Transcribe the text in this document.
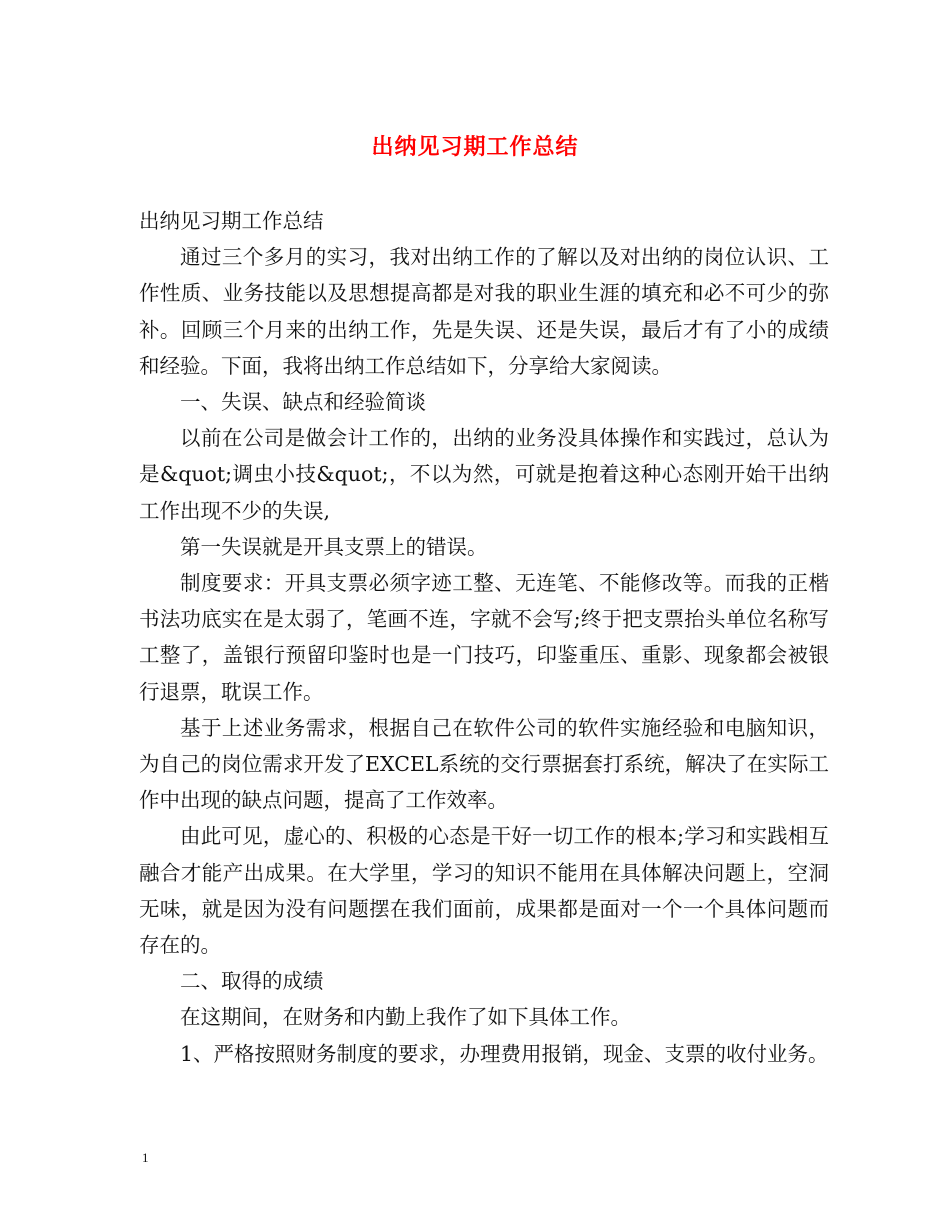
出纳见习期工作总结

出纳见习期工作总结

通过三个多月的实习，我对出纳工作的了解以及对出纳的岗位认识、工作性质、业务技能以及思想提高都是对我的职业生涯的填充和必不可少的弥补。回顾三个月来的出纳工作，先是失误、还是失误，最后才有了小的成绩和经验。下面，我将出纳工作总结如下，分享给大家阅读。

一、失误、缺点和经验简谈

以前在公司是做会计工作的，出纳的业务没具体操作和实践过，总认为是&quot;调虫小技&quot;，不以为然，可就是抱着这种心态刚开始干出纳工作出现不少的失误,

第一失误就是开具支票上的错误。

制度要求：开具支票必须字迹工整、无连笔、不能修改等。而我的正楷书法功底实在是太弱了，笔画不连，字就不会写;终于把支票抬头单位名称写工整了，盖银行预留印鉴时也是一门技巧，印鉴重压、重影、现象都会被银行退票，耽误工作。

基于上述业务需求，根据自己在软件公司的软件实施经验和电脑知识，为自己的岗位需求开发了EXCEL系统的交行票据套打系统，解决了在实际工作中出现的缺点问题，提高了工作效率。

由此可见，虚心的、积极的心态是干好一切工作的根本;学习和实践相互融合才能产出成果。在大学里，学习的知识不能用在具体解决问题上，空洞无味，就是因为没有问题摆在我们面前，成果都是面对一个一个具体问题而存在的。

二、取得的成绩

在这期间，在财务和内勤上我作了如下具体工作。

1、严格按照财务制度的要求，办理费用报销，现金、支票的收付业务。

1
